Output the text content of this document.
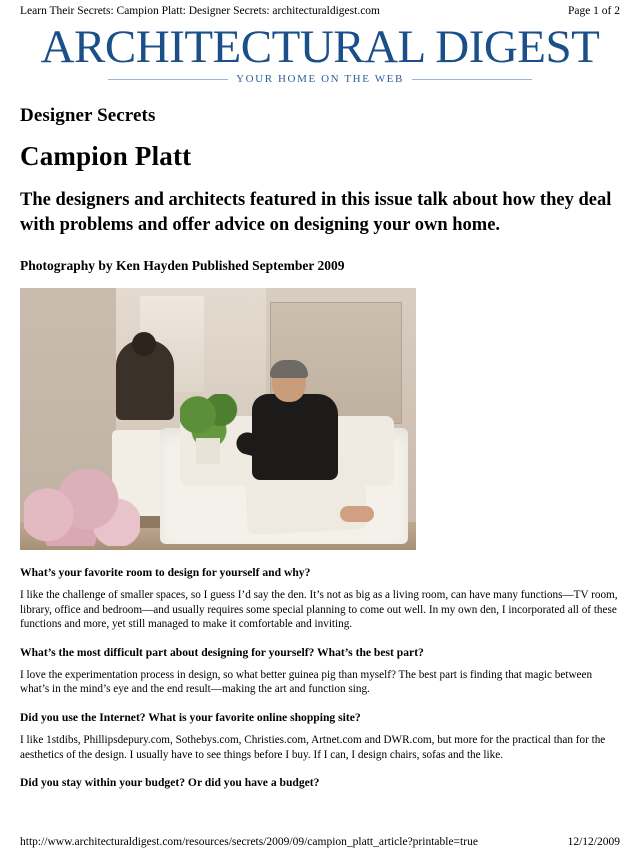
Learn Their Secrets: Campion Platt: Designer Secrets: architecturaldigest.com	Page 1 of 2
ARCHITECTURAL DIGEST
YOUR HOME ON THE WEB
Designer Secrets
Campion Platt
The designers and architects featured in this issue talk about how they deal with problems and offer advice on designing your own home.
Photography by Ken Hayden Published September 2009
What’s your favorite room to design for yourself and why?
I like the challenge of smaller spaces, so I guess I’d say the den. It’s not as big as a living room, can have many functions—TV room, library, office and bedroom—and usually requires some special planning to come out well. In my own den, I incorporated all of these functions and more, yet still managed to make it comfortable and inviting.
What’s the most difficult part about designing for yourself? What’s the best part?
I love the experimentation process in design, so what better guinea pig than myself? The best part is finding that magic between what’s in the mind’s eye and the end result—making the art and function sing.
Did you use the Internet? What is your favorite online shopping site?
I like 1stdibs, Phillipsdepury.com, Sothebys.com, Christies.com, Artnet.com and DWR.com, but more for the practical than for the aesthetics of the design. I usually have to see things before I buy. If I can, I design chairs, sofas and the like.
Did you stay within your budget? Or did you have a budget?
http://www.architecturaldigest.com/resources/secrets/2009/09/campion_platt_article?printable=true	12/12/2009
